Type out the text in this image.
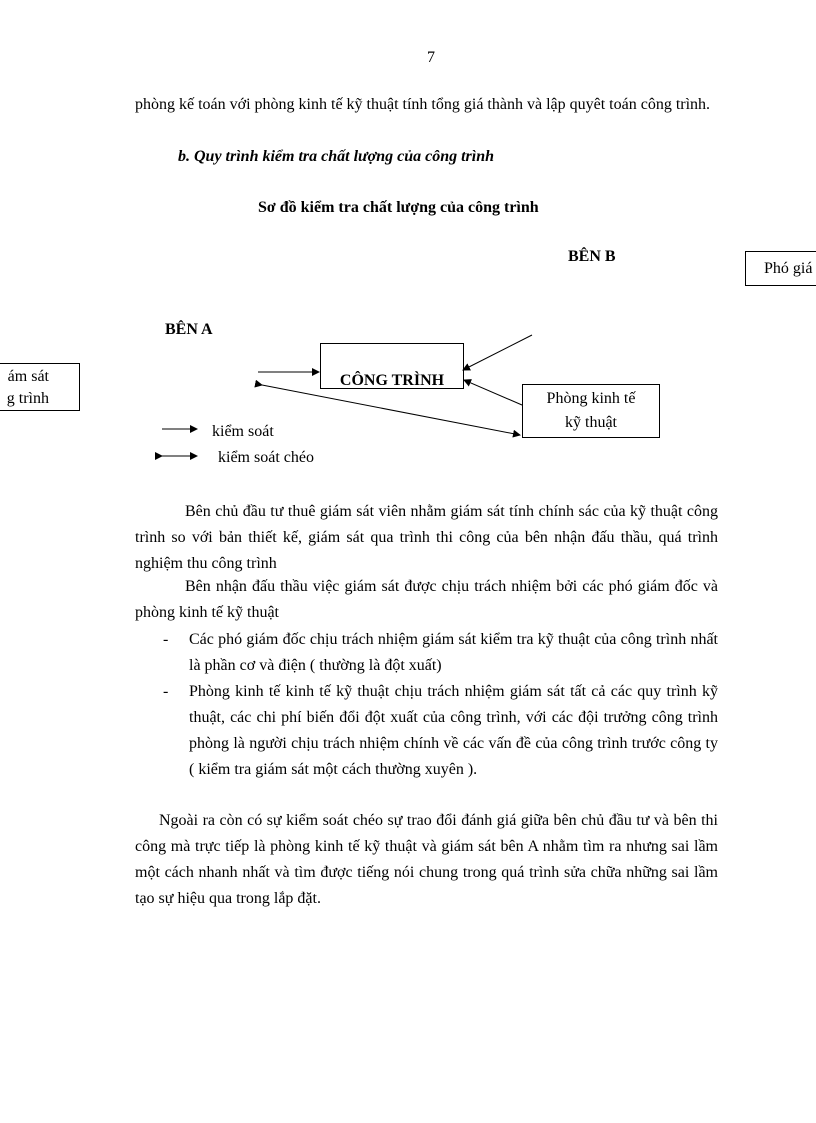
7
phòng kế toán với phòng kinh tế kỹ thuật tính tổng giá thành và lập quyêt toán công trình.
b. Quy trình kiểm tra chất lượng của công trình
Sơ đồ kiểm tra chất lượng của công trình
BÊN B
Phó giá
BÊN A
ám sát
g trình
CÔNG TRÌNH
Phòng kinh tế
kỹ thuật
kiểm soát
kiểm soát chéo
Bên chủ đầu tư thuê giám sát viên nhằm giám sát tính chính sác của kỹ thuật công trình so với bản thiết kế, giám sát qua trình thi công của bên nhận đấu thầu, quá trình nghiệm thu công trình
Bên nhận đấu thầu việc giám sát được chịu trách nhiệm bởi các phó giám đốc và phòng kinh tế kỹ thuật
- Các phó giám đốc chịu trách nhiệm giám sát kiểm tra kỹ thuật của công trình nhất là phần cơ và điện ( thường là đột xuất)
- Phòng kinh tế kinh tế kỹ thuật chịu trách nhiệm giám sát tất cả các quy trình kỹ thuật, các chi phí biến đổi đột xuất của công trình, với các đội trưởng công trình phòng là người chịu trách nhiệm chính về các vấn đề của công trình trước công ty ( kiểm tra giám sát một cách thường xuyên ).
Ngoài ra còn có sự kiểm soát chéo sự trao đổi đánh giá giữa bên chủ đầu tư và bên thi công mà trực tiếp là phòng kinh tế kỹ thuật và giám sát bên A nhằm tìm ra nhưng sai lầm một cách nhanh nhất và tìm được tiếng nói chung trong quá trình sửa chữa những sai lầm tạo sự hiệu qua trong lắp đặt.
